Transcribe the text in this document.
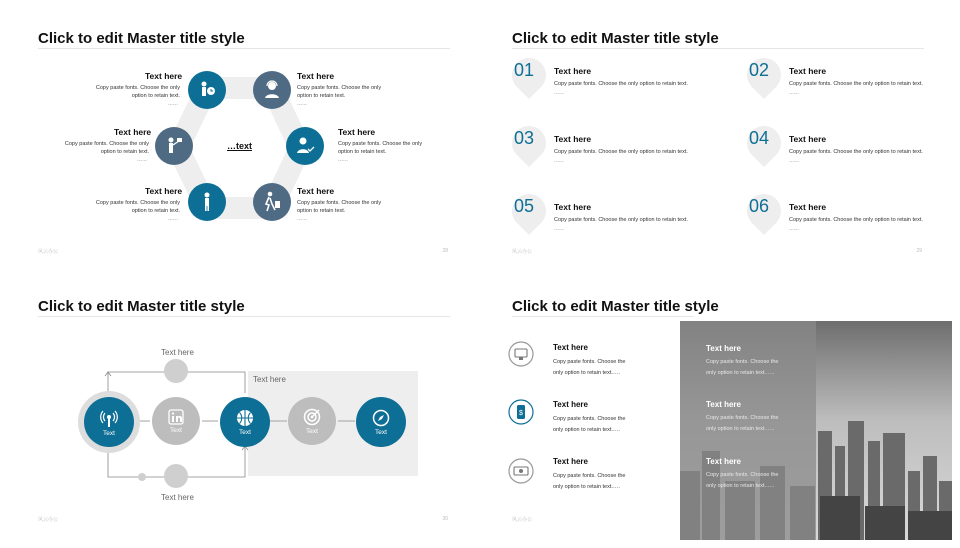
Click to edit Master title style
…text
Text here
Copy paste fonts. Choose the only option to retain text.
……
Text here
Copy paste fonts. Choose the only option to retain text.
……
Text here
Copy paste fonts. Choose the only option to retain text.
……
Text here
Copy paste fonts. Choose the only option to retain text.
……
Text here
Copy paste fonts. Choose the only option to retain text.
……
Text here
Copy paste fonts. Choose the only option to retain text.
……
风云办公	28
Click to edit Master title style
01 Text here
Copy paste fonts. Choose the only option to retain text.
……
02 Text here
Copy paste fonts. Choose the only option to retain text.
……
03 Text here
Copy paste fonts. Choose the only option to retain text.
……
04 Text here
Copy paste fonts. Choose the only option to retain text.
……
05 Text here
Copy paste fonts. Choose the only option to retain text.
……
06 Text here
Copy paste fonts. Choose the only option to retain text.
……
风云办公	29
Click to edit Master title style
Text here
Text here
Text here
Text	Text	Text	Text	Text
风云办公	30
Click to edit Master title style
Text here
Copy paste fonts. Choose the
only option to retain text.….
$
Text here
Copy paste fonts. Choose the
only option to retain text.….
Text here
Copy paste fonts. Choose the
only option to retain text.….
Text here
Copy paste fonts. Choose the
only option to retain text.…..
Text here
Copy paste fonts. Choose the
only option to retain text.…..
Text here
Copy paste fonts. Choose the
only option to retain text.…..
风云办公
